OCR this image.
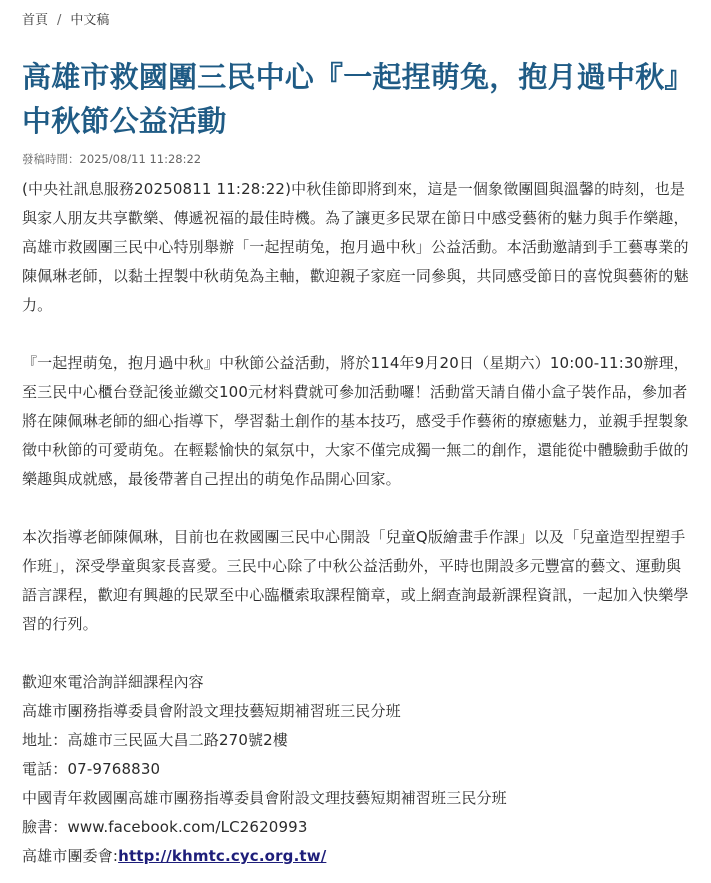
首頁 / 中文稿
高雄市救國團三民中心『一起捏萌兔，抱月過中秋』中秋節公益活動
發稿時間：2025/08/11 11:28:22

(中央社訊息服務20250811 11:28:22)中秋佳節即將到來，這是一個象徵團圓與溫馨的時刻，也是與家人朋友共享歡樂、傳遞祝福的最佳時機。為了讓更多民眾在節日中感受藝術的魅力與手作樂趣，高雄市救國團三民中心特別舉辦「一起捏萌兔，抱月過中秋」公益活動。本活動邀請到手工藝專業的陳佩琳老師，以黏土捏製中秋萌兔為主軸，歡迎親子家庭一同參與，共同感受節日的喜悅與藝術的魅力。

『一起捏萌兔，抱月過中秋』中秋節公益活動，將於114年9月20日（星期六）10:00-11:30辦理，至三民中心櫃台登記後並繳交100元材料費就可參加活動囉！活動當天請自備小盒子裝作品，參加者將在陳佩琳老師的細心指導下，學習黏土創作的基本技巧，感受手作藝術的療癒魅力，並親手捏製象徵中秋節的可愛萌兔。在輕鬆愉快的氣氛中，大家不僅完成獨一無二的創作，還能從中體驗動手做的樂趣與成就感，最後帶著自己捏出的萌兔作品開心回家。

本次指導老師陳佩琳，目前也在救國團三民中心開設「兒童Q版繪畫手作課」以及「兒童造型捏塑手作班」，深受學童與家長喜愛。三民中心除了中秋公益活動外，平時也開設多元豐富的藝文、運動與語言課程，歡迎有興趣的民眾至中心臨櫃索取課程簡章，或上網查詢最新課程資訊，一起加入快樂學習的行列。

歡迎來電洽詢詳細課程內容
高雄市團務指導委員會附設文理技藝短期補習班三民分班
地址：高雄市三民區大昌二路270號2樓
電話：07-9768830
中國青年救國團高雄市團務指導委員會附設文理技藝短期補習班三民分班
臉書：www.facebook.com/LC2620993
高雄市團委會:http://khmtc.cyc.org.tw/
